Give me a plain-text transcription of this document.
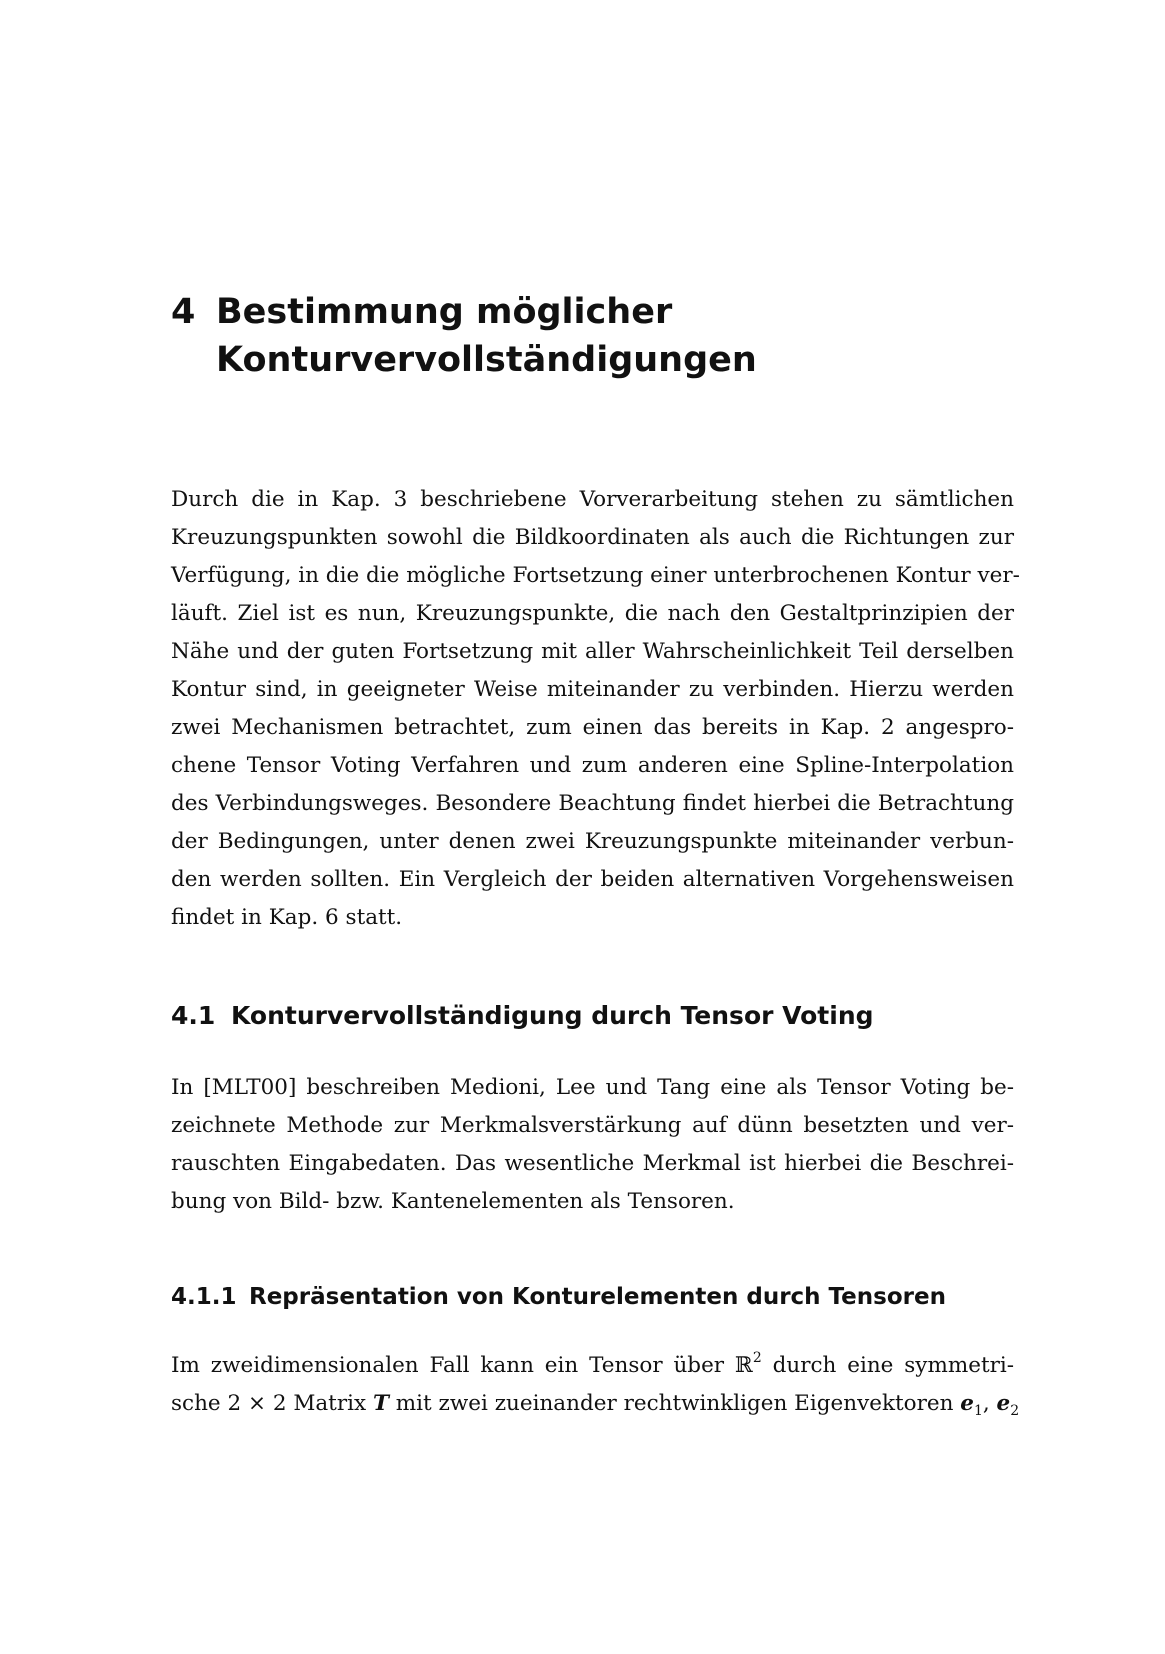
4 Bestimmung möglicher
Konturvervollständigungen

Durch die in Kap. 3 beschriebene Vorverarbeitung stehen zu sämtlichen
Kreuzungspunkten sowohl die Bildkoordinaten als auch die Richtungen zur
Verfügung, in die die mögliche Fortsetzung einer unterbrochenen Kontur ver-
läuft. Ziel ist es nun, Kreuzungspunkte, die nach den Gestaltprinzipien der
Nähe und der guten Fortsetzung mit aller Wahrscheinlichkeit Teil derselben
Kontur sind, in geeigneter Weise miteinander zu verbinden. Hierzu werden
zwei Mechanismen betrachtet, zum einen das bereits in Kap. 2 angespro-
chene Tensor Voting Verfahren und zum anderen eine Spline-Interpolation
des Verbindungsweges. Besondere Beachtung findet hierbei die Betrachtung
der Bedingungen, unter denen zwei Kreuzungspunkte miteinander verbun-
den werden sollten. Ein Vergleich der beiden alternativen Vorgehensweisen
findet in Kap. 6 statt.

4.1 Konturvervollständigung durch Tensor Voting

In [MLT00] beschreiben Medioni, Lee und Tang eine als Tensor Voting be-
zeichnete Methode zur Merkmalsverstärkung auf dünn besetzten und ver-
rauschten Eingabedaten. Das wesentliche Merkmal ist hierbei die Beschrei-
bung von Bild- bzw. Kantenelementen als Tensoren.

4.1.1 Repräsentation von Konturelementen durch Tensoren

Im zweidimensionalen Fall kann ein Tensor über ℝ$^2$ durch eine symmetri-
sche 2 × 2 Matrix T mit zwei zueinander rechtwinkligen Eigenvektoren $e_1$, $e_2$
